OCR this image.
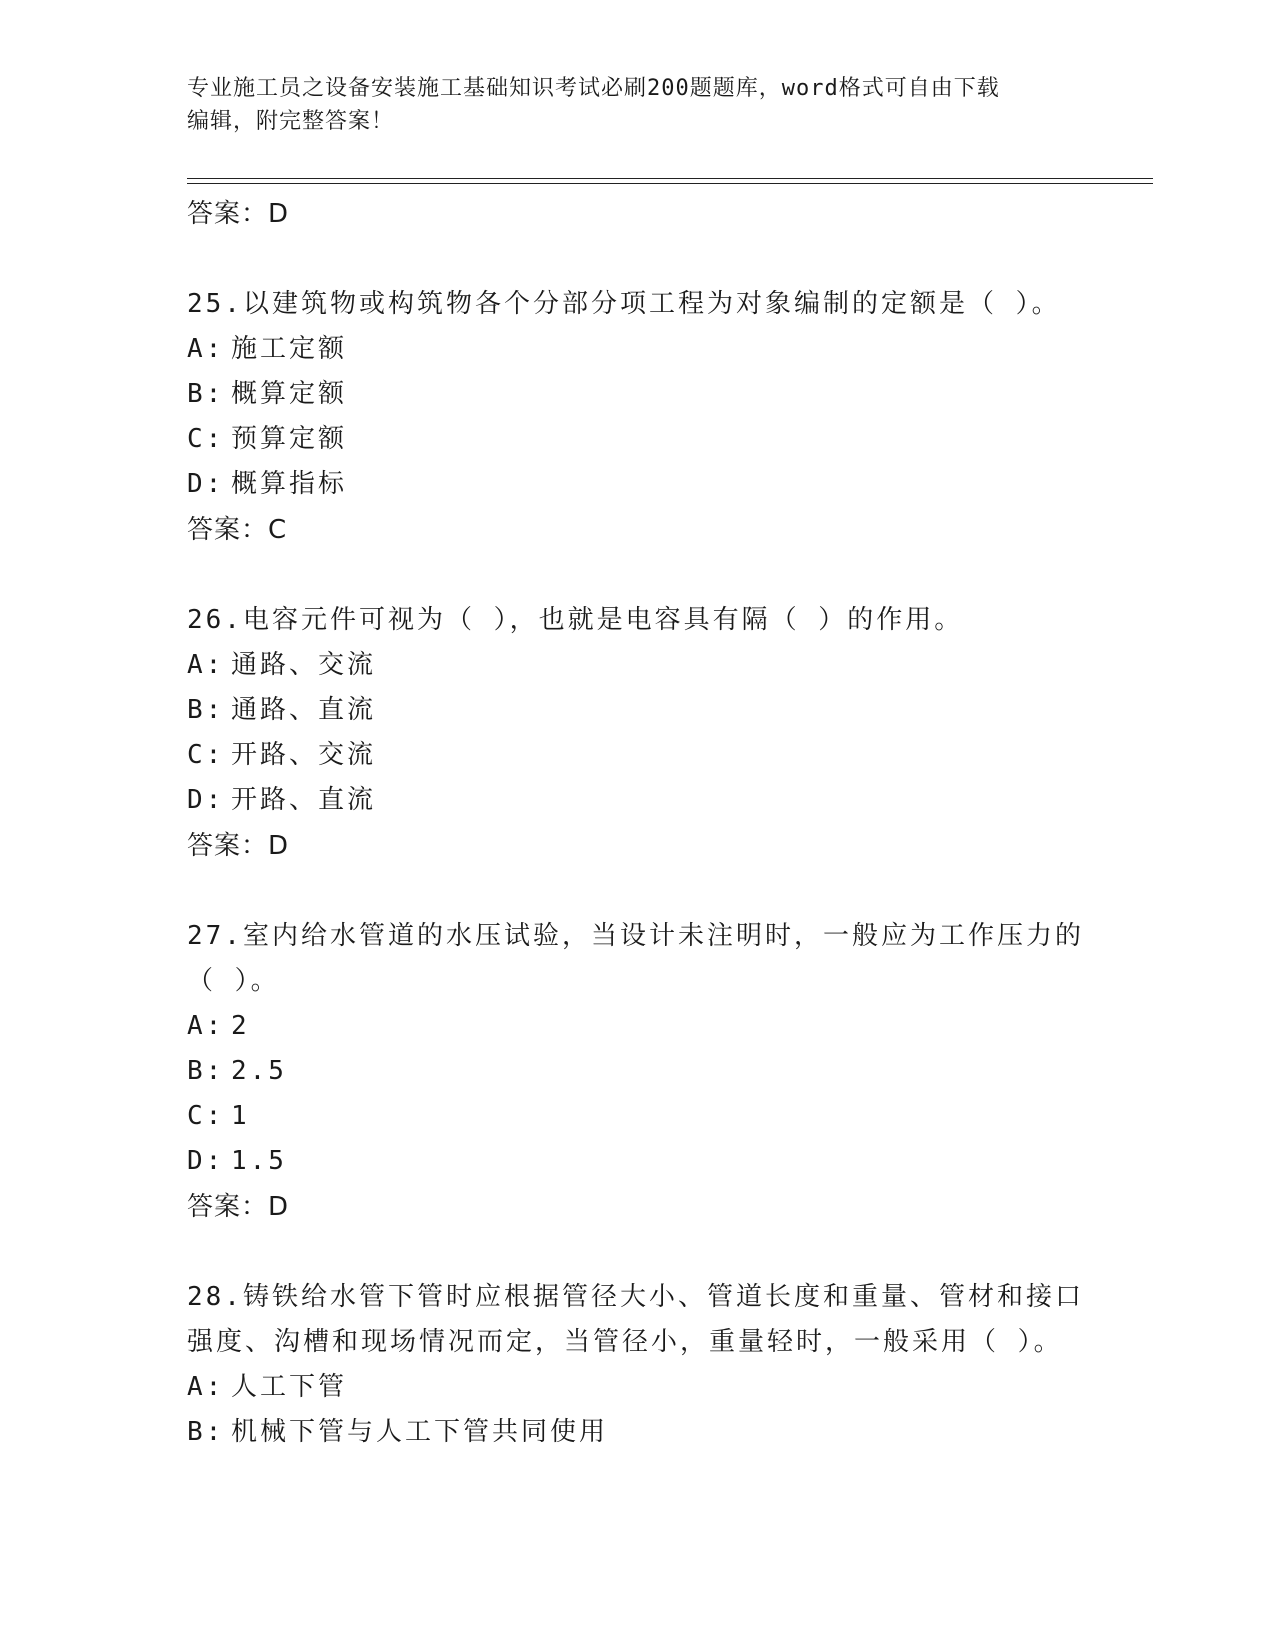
专业施工员之设备安装施工基础知识考试必刷200题题库，word格式可自由下载
编辑，附完整答案！
答案：D
25.以建筑物或构筑物各个分部分项工程为对象编制的定额是（ ）。
A: 施工定额
B: 概算定额
C: 预算定额
D: 概算指标
答案：C
26.电容元件可视为（ ），也就是电容具有隔（ ）的作用。
A: 通路、交流
B: 通路、直流
C: 开路、交流
D: 开路、直流
答案：D
27.室内给水管道的水压试验，当设计未注明时，一般应为工作压力的（ ）。
A: 2
B: 2.5
C: 1
D: 1.5
答案：D
28.铸铁给水管下管时应根据管径大小、管道长度和重量、管材和接口强度、沟槽和现场情况而定，当管径小，重量轻时，一般采用（ ）。
A: 人工下管
B: 机械下管与人工下管共同使用
